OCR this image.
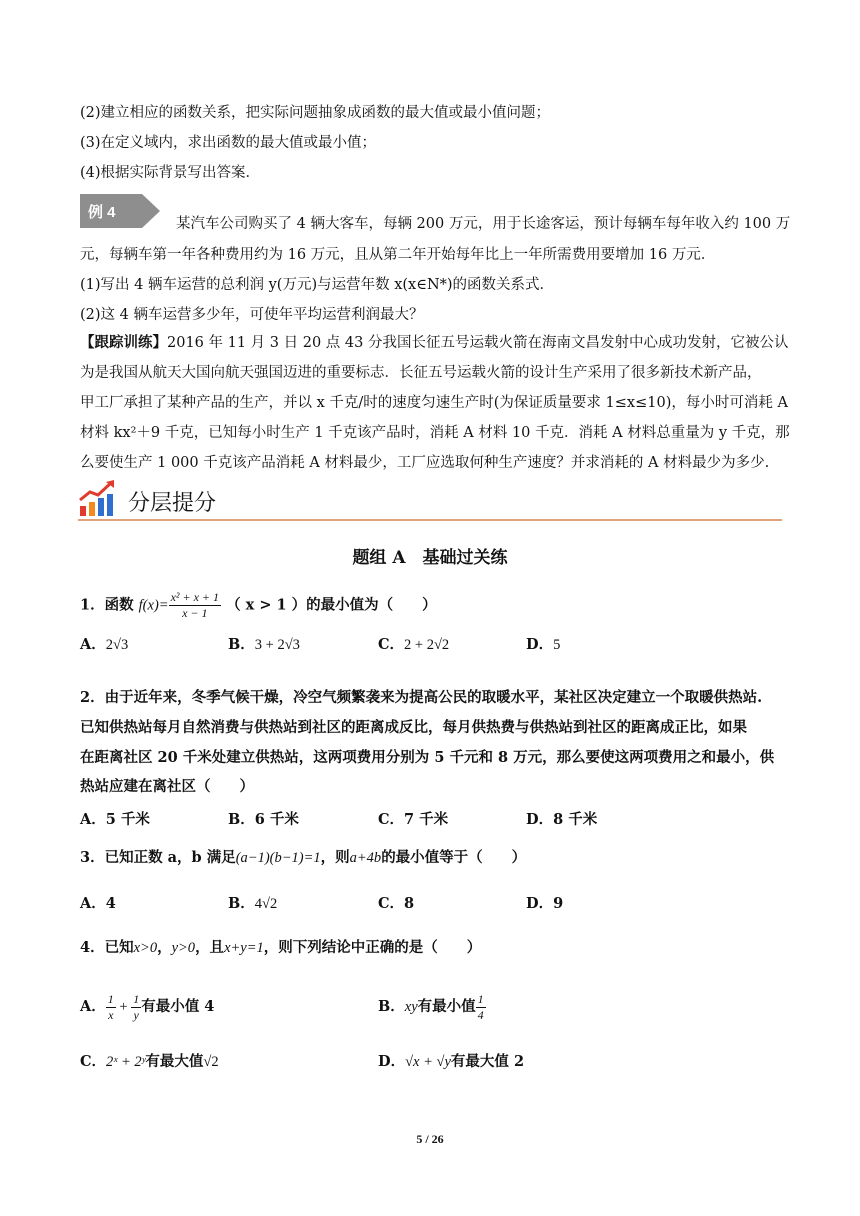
(2)建立相应的函数关系，把实际问题抽象成函数的最大值或最小值问题；
(3)在定义域内，求出函数的最大值或最小值；
(4)根据实际背景写出答案．
例 4
某汽车公司购买了 4 辆大客车，每辆 200 万元，用于长途客运，预计每辆车每年收入约 100 万
元，每辆车第一年各种费用约为 16 万元，且从第二年开始每年比上一年所需费用要增加 16 万元．
(1)写出 4 辆车运营的总利润 y(万元)与运营年数 x(x∈N*)的函数关系式．
(2)这 4 辆车运营多少年，可使年平均运营利润最大？
【跟踪训练】2016 年 11 月 3 日 20 点 43 分我国长征五号运载火箭在海南文昌发射中心成功发射，它被公认
为是我国从航天大国向航天强国迈进的重要标志．长征五号运载火箭的设计生产采用了很多新技术新产品，
甲工厂承担了某种产品的生产，并以 x 千克/时的速度匀速生产时(为保证质量要求 1≤x≤10)，每小时可消耗 A
材料 kx²＋9 千克，已知每小时生产 1 千克该产品时，消耗 A 材料 10 千克．消耗 A 材料总重量为 y 千克，那
么要使生产 1 000 千克该产品消耗 A 材料最少，工厂应选取何种生产速度？并求消耗的 A 材料最少为多少.
分层提分
题组 A　基础过关练
1．函数 $f(x)= \frac{\text{x² + x + 1}}{x - 1}$ （ x > 1 ）的最小值为（　　）
A．2√3	B．3 + 2√3	C．2 + 2√2	D．5
2．由于近年来，冬季气候干燥，冷空气频繁袭来为提高公民的取暖水平，某社区决定建立一个取暖供热站.
已知供热站每月自然消费与供热站到社区的距离成反比，每月供热费与供热站到社区的距离成正比，如果
在距离社区 20 千米处建立供热站，这两项费用分别为 5 千元和 8 万元，那么要使这两项费用之和最小，供
热站应建在离社区（　　）
A．5 千米	B．6 千米	C．7 千米	D．8 千米
3．已知正数 a，b 满足(a−1)(b−1)=1，则a+4b的最小值等于（　　）
A．4	B．4√2	C．8	D．9
4．已知x>0，y>0，且x+y=1，则下列结论中正确的是（　　）
A． $\frac{1}{x} + \frac{1}{y}$ 有最小值 4	B．xy有最小值 $\frac{1}{4}$
C．2ˣ + 2ʸ有最大值√2	D．√x + √y有最大值 2
5 / 26
